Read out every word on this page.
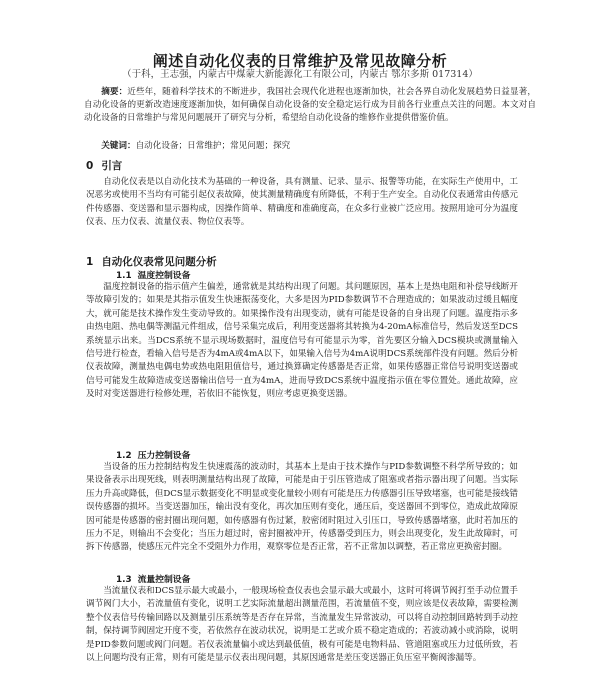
阐述自动化仪表的日常维护及常见故障分析
（于科，王志强，内蒙古中煤蒙大新能源化工有限公司，内蒙古 鄂尔多斯 017314）

摘要：近些年，随着科学技术的不断进步，我国社会现代化进程也逐渐加快，社会各界自动化发展趋势日益显著，自动化设备的更新改造速度逐渐加快，如何确保自动化设备的安全稳定运行成为目前各行业重点关注的问题。本文对自动化设备的日常维护与常见问题展开了研究与分析，希望给自动化设备的维修作业提供借鉴价值。

关键词：自动化设备；日常维护；常见问题；探究

0 引言

自动化仪表是以自动化技术为基础的一种设备，具有测量、记录、显示、报警等功能，在实际生产使用中，工况恶劣或使用不当均有可能引起仪表故障，使其测量精确度有所降低，不利于生产安全。自动化仪表通常由传感元件传感器、变送器和显示器构成，因操作简单、精确度和准确度高，在众多行业被广泛应用。按照用途可分为温度仪表、压力仪表、流量仪表、物位仪表等。

1 自动化仪表常见问题分析
1.1 温度控制设备

温度控制设备的指示值产生偏差，通常就是其结构出现了问题。其问题原因，基本上是热电阻和补偿导线断开等故障引发的；如果是其指示值发生快速振荡变化，大多是因为PID参数调节不合理造成的；如果波动过缓且幅度大，就可能是技术操作发生变动导致的。如果操作没有出现变动，就有可能是设备的自身出现了问题。温度指示多由热电阻、热电偶等测温元件组成，信号采集完成后，利用变送器将其转换为4-20mA标准信号，然后发送至DCS系统显示出来。当DCS系统不显示现场数据时，温度信号有可能显示为零，首先要区分输入DCS模块或测量输入信号进行检查，看输入信号是否为4mA或4mA以下，如果输入信号为4mA说明DCS系统部件没有问题。然后分析仪表故障，测量热电偶电势或热电阻阻值信号，通过换算确定传感器是否正常，如果传感器正常信号说明变送器或信号可能发生故障造成变送器输出信号一直为4mA，进而导致DCS系统中温度指示值在零位置处。通此故障，应及时对变送器进行检修处理，若依旧不能恢复，则应考虑更换变送器。

1.2 压力控制设备

当设备的压力控制结构发生快速震荡的波动时，其基本上是由于技术操作与PID参数调整不科学所导致的；如果设备表示出现死线，则表明测量结构出现了故障，可能是由于引压管造成了阻塞或者指示器出现了问题。当实际压力升高或降低，但DCS显示数据变化不明显或变化量较小则有可能是压力传感器引压导致堵塞，也可能是接线错误传感器的损坏。当变送器加压，输出没有变化，再次加压则有变化，通压后，变送器回不到零位，造成此故障原因可能是传感器的密封圈出现问题，如传感器有伤过紧，胶密闭时阻过入引压口，导致传感器堵塞，此时若加压的压力不足，则输出不会变化；当压力超过时，密封圈被冲开，传感器受到压力，则会出现变化，发生此故障时，可拆下传感器，使感压元件完全不受阻外力作用，观察零位是否正常，若不正常加以调整，若正常应更换密封圈。

1.3 流量控制设备

当流量仪表和DCS显示最大或最小，一般现场检查仪表也会显示最大或最小，这时可将调节阀打至手动位置手调节阀门大小，若流量值有变化，说明工艺实际流量超出测量范围，若流量值不变，则应该是仪表故障，需要检测整个仪表信号传输回路以及测量引压系统等是否存在异常，当流量发生异常波动，可以将自动控制回路转到手动控制，保持调节阀固定开度不变，若依然存在波动状况，说明是工艺或介质不稳定造成的；若波动减小或消除，说明是PID参数问题或阀门问题。若仪表流量偏小或达到最低值，极有可能是电物料品、管道阻塞或压力过低所致，若以上问题均没有正常，则有可能是显示仪表出现问题，其原因通常是差压变送器正负压室平衡阀渗漏等。
